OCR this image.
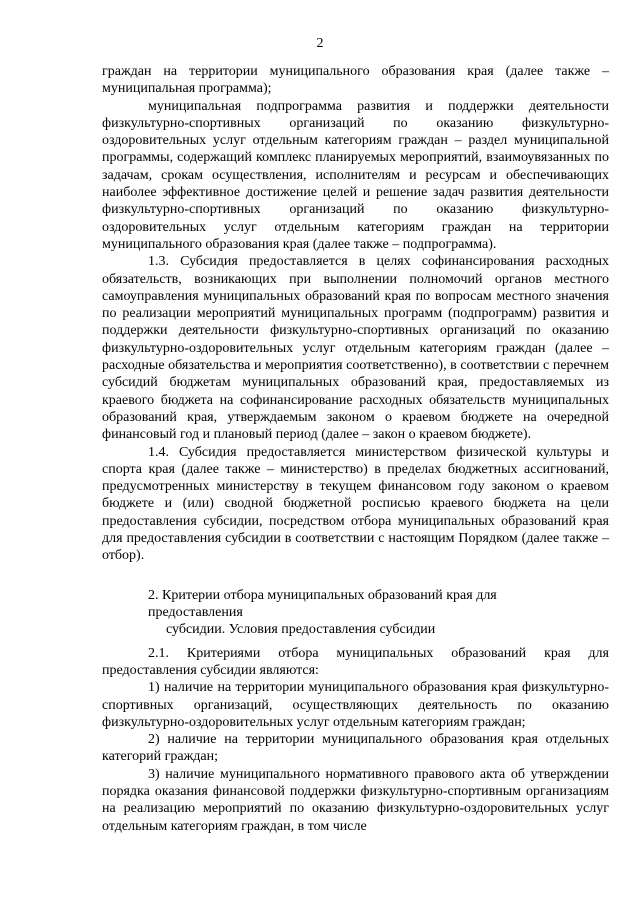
2

граждан на территории муниципального образования края (далее также – муниципальная программа);

муниципальная подпрограмма развития и поддержки деятельности физкультурно-спортивных организаций по оказанию физкультурно-оздоровительных услуг отдельным категориям граждан – раздел муниципальной программы, содержащий комплекс планируемых мероприятий, взаимоувязанных по задачам, срокам осуществления, исполнителям и ресурсам и обеспечивающих наиболее эффективное достижение целей и решение задач развития деятельности физкультурно-спортивных организаций по оказанию физкультурно-оздоровительных услуг отдельным категориям граждан на территории муниципального образования края (далее также – подпрограмма).

1.3. Субсидия предоставляется в целях софинансирования расходных обязательств, возникающих при выполнении полномочий органов местного самоуправления муниципальных образований края по вопросам местного значения по реализации мероприятий муниципальных программ (подпрограмм) развития и поддержки деятельности физкультурно-спортивных организаций по оказанию физкультурно-оздоровительных услуг отдельным категориям граждан (далее – расходные обязательства и мероприятия соответственно), в соответствии с перечнем субсидий бюджетам муниципальных образований края, предоставляемых из краевого бюджета на софинансирование расходных обязательств муниципальных образований края, утверждаемым законом о краевом бюджете на очередной финансовый год и плановый период (далее – закон о краевом бюджете).

1.4. Субсидия предоставляется министерством физической культуры и спорта края (далее также – министерство) в пределах бюджетных ассигнований, предусмотренных министерству в текущем финансовом году законом о краевом бюджете и (или) сводной бюджетной росписью краевого бюджета на цели предоставления субсидии, посредством отбора муниципальных образований края для предоставления субсидии в соответствии с настоящим Порядком (далее также – отбор).

2. Критерии отбора муниципальных образований края для предоставления
субсидии. Условия предоставления субсидии

2.1. Критериями отбора муниципальных образований края для предоставления субсидии являются:

1) наличие на территории муниципального образования края физкультурно-спортивных организаций, осуществляющих деятельность по оказанию физкультурно-оздоровительных услуг отдельным категориям граждан;

2) наличие на территории муниципального образования края отдельных категорий граждан;

3) наличие муниципального нормативного правового акта об утверждении порядка оказания финансовой поддержки физкультурно-спортивным организациям на реализацию мероприятий по оказанию физкультурно-оздоровительных услуг отдельным категориям граждан, в том числе
